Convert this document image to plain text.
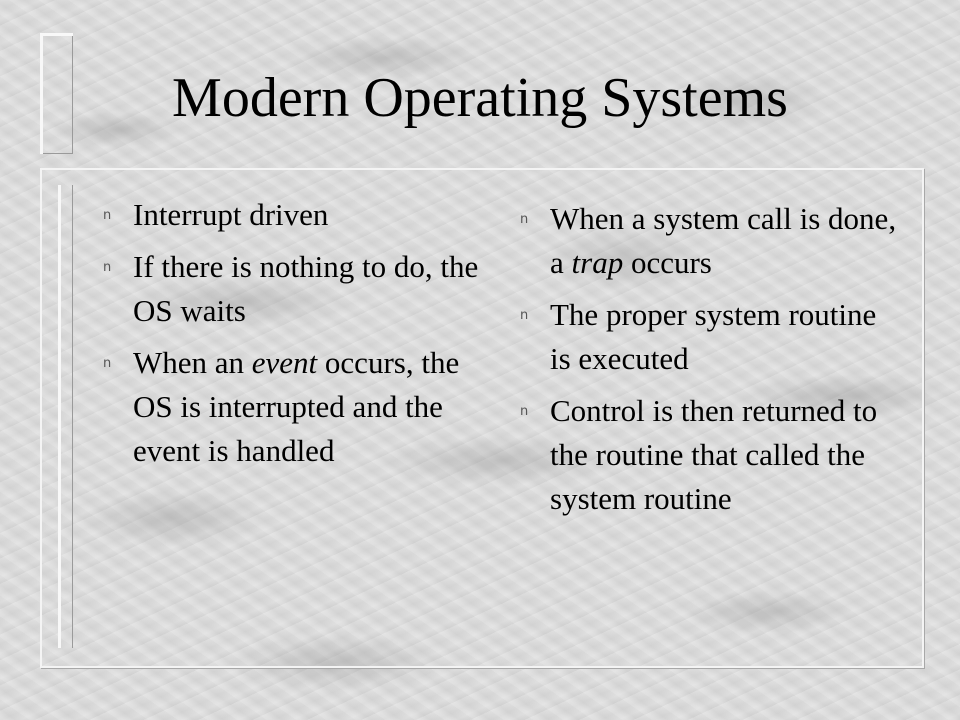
Modern Operating Systems
n Interrupt driven
n If there is nothing to do, the OS waits
n When an event occurs, the OS is interrupted and the event is handled
n When a system call is done, a trap occurs
n The proper system routine is executed
n Control is then returned to the routine that called the system routine
